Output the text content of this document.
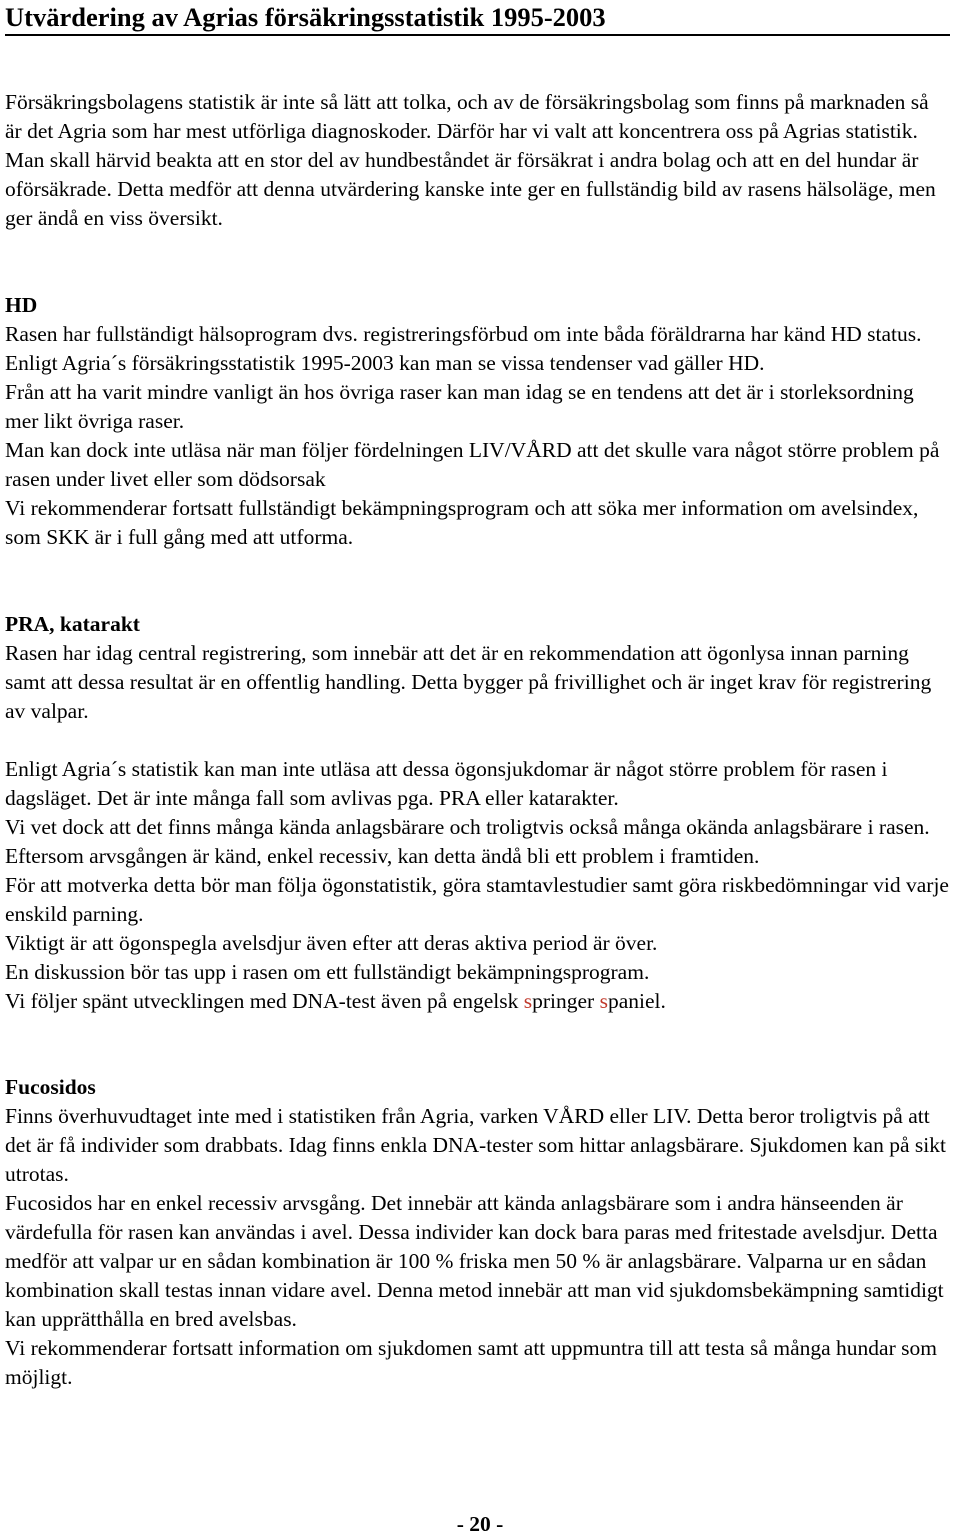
Utvärdering av Agrias försäkringsstatistik 1995-2003

Försäkringsbolagens statistik är inte så lätt att tolka, och av de försäkringsbolag som finns på marknaden så är det Agria som har mest utförliga diagnoskoder. Därför har vi valt att koncentrera oss på Agrias statistik. Man skall härvid beakta att en stor del av hundbeståndet är försäkrat i andra bolag och att en del hundar är oförsäkrade. Detta medför att denna utvärdering kanske inte ger en fullständig bild av rasens hälsoläge, men ger ändå en viss översikt.

HD

Rasen har fullständigt hälsoprogram dvs. registreringsförbud om inte båda föräldrarna har känd HD status.

Enligt Agria´s försäkringsstatistik 1995-2003 kan man se vissa tendenser vad gäller HD.

Från att ha varit mindre vanligt än hos övriga raser kan man idag se en tendens att det är i storleksordning mer likt övriga raser.

Man kan dock inte utläsa när man följer fördelningen LIV/VÅRD att det skulle vara något större problem på rasen under livet eller som dödsorsak

Vi rekommenderar fortsatt fullständigt bekämpningsprogram och att söka mer information om avelsindex, som SKK är i full gång med att utforma.

PRA, katarakt

Rasen har idag central registrering, som innebär att det är en rekommendation att ögonlysa innan parning samt att dessa resultat är en offentlig handling. Detta bygger på frivillighet och är inget krav för registrering av valpar.

Enligt Agria´s statistik kan man inte utläsa att dessa ögonsjukdomar är något större problem för rasen i dagsläget. Det är inte många fall som avlivas pga. PRA eller katarakter.

Vi vet dock att det finns många kända anlagsbärare och troligtvis också många okända anlagsbärare i rasen.

Eftersom arvsgången är känd, enkel recessiv, kan detta ändå bli ett problem i framtiden.

För att motverka detta bör man följa ögonstatistik, göra stamtavlestudier samt göra riskbedömningar vid varje enskild parning.

Viktigt är att ögonspegla avelsdjur även efter att deras aktiva period är över.

En diskussion bör tas upp i rasen om ett fullständigt bekämpningsprogram.

Vi följer spänt utvecklingen med DNA-test även på engelsk springer spaniel.

Fucosidos

Finns överhuvudtaget inte med i statistiken från Agria, varken VÅRD eller LIV. Detta beror troligtvis på att det är få individer som drabbats. Idag finns enkla DNA-tester som hittar anlagsbärare. Sjukdomen kan på sikt utrotas.

Fucosidos har en enkel recessiv arvsgång. Det innebär att kända anlagsbärare som i andra hänseenden är värdefulla för rasen kan användas i avel. Dessa individer kan dock bara paras med fritestade avelsdjur. Detta medför att valpar ur en sådan kombination är 100 % friska men 50 % är anlagsbärare. Valparna ur en sådan kombination skall testas innan vidare avel. Denna metod innebär att man vid sjukdomsbekämpning samtidigt kan upprätthålla en bred avelsbas.

Vi rekommenderar fortsatt information om sjukdomen samt att uppmuntra till att testa så många hundar som möjligt.

- 20 -
